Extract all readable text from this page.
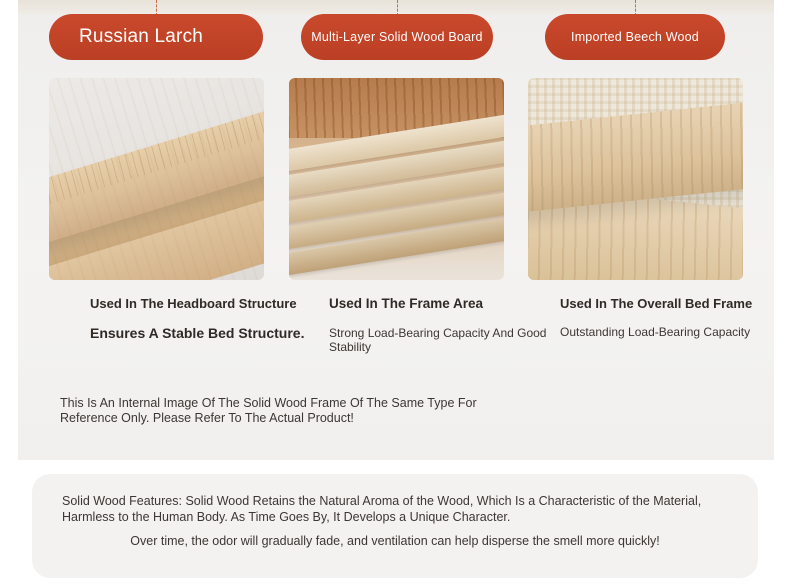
Russian Larch	Multi-Layer Solid Wood Board	Imported Beech Wood

Used In The Headboard Structure

Ensures A Stable Bed Structure.

Used In The Frame Area

Strong Load-Bearing Capacity And Good Stability

Used In The Overall Bed Frame

Outstanding Load-Bearing Capacity

This Is An Internal Image Of The Solid Wood Frame Of The Same Type For Reference Only. Please Refer To The Actual Product!
Solid Wood Features: Solid Wood Retains the Natural Aroma of the Wood, Which Is a Characteristic of the Material, Harmless to the Human Body. As Time Goes By, It Develops a Unique Character.
Over time, the odor will gradually fade, and ventilation can help disperse the smell more quickly!
